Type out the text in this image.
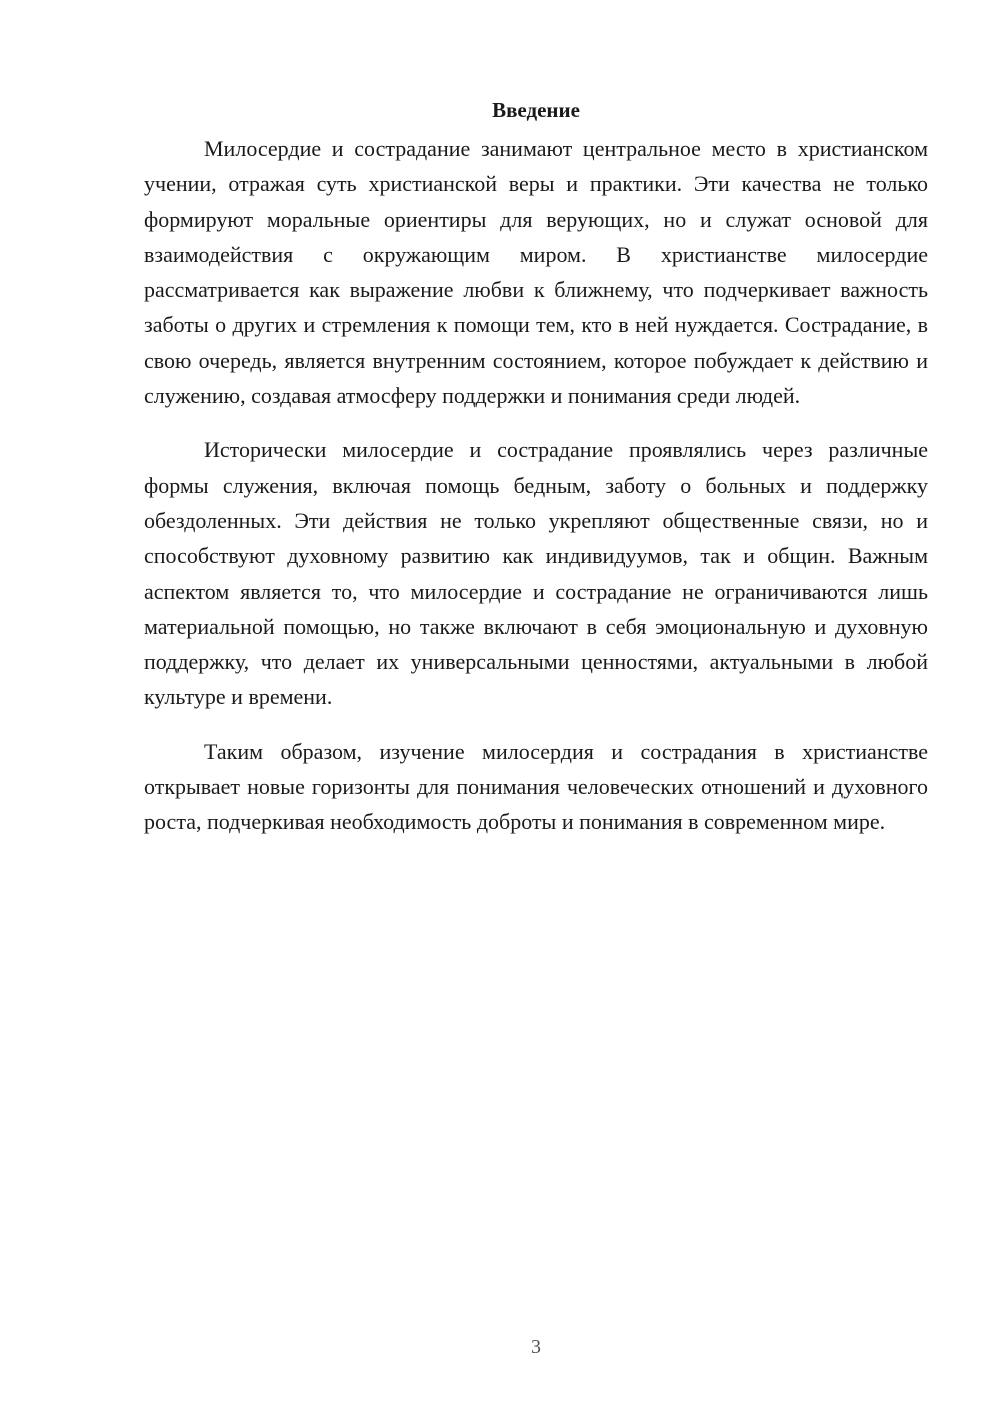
Введение

Милосердие и сострадание занимают центральное место в христианском учении, отражая суть христианской веры и практики. Эти качества не только формируют моральные ориентиры для верующих, но и служат основой для взаимодействия с окружающим миром. В христианстве милосердие рассматривается как выражение любви к ближнему, что подчеркивает важность заботы о других и стремления к помощи тем, кто в ней нуждается. Сострадание, в свою очередь, является внутренним состоянием, которое побуждает к действию и служению, создавая атмосферу поддержки и понимания среди людей.

Исторически милосердие и сострадание проявлялись через различные формы служения, включая помощь бедным, заботу о больных и поддержку обездоленных. Эти действия не только укрепляют общественные связи, но и способствуют духовному развитию как индивидуумов, так и общин. Важным аспектом является то, что милосердие и сострадание не ограничиваются лишь материальной помощью, но также включают в себя эмоциональную и духовную поддержку, что делает их универсальными ценностями, актуальными в любой культуре и времени.

Таким образом, изучение милосердия и сострадания в христианстве открывает новые горизонты для понимания человеческих отношений и духовного роста, подчеркивая необходимость доброты и понимания в современном мире.

3
